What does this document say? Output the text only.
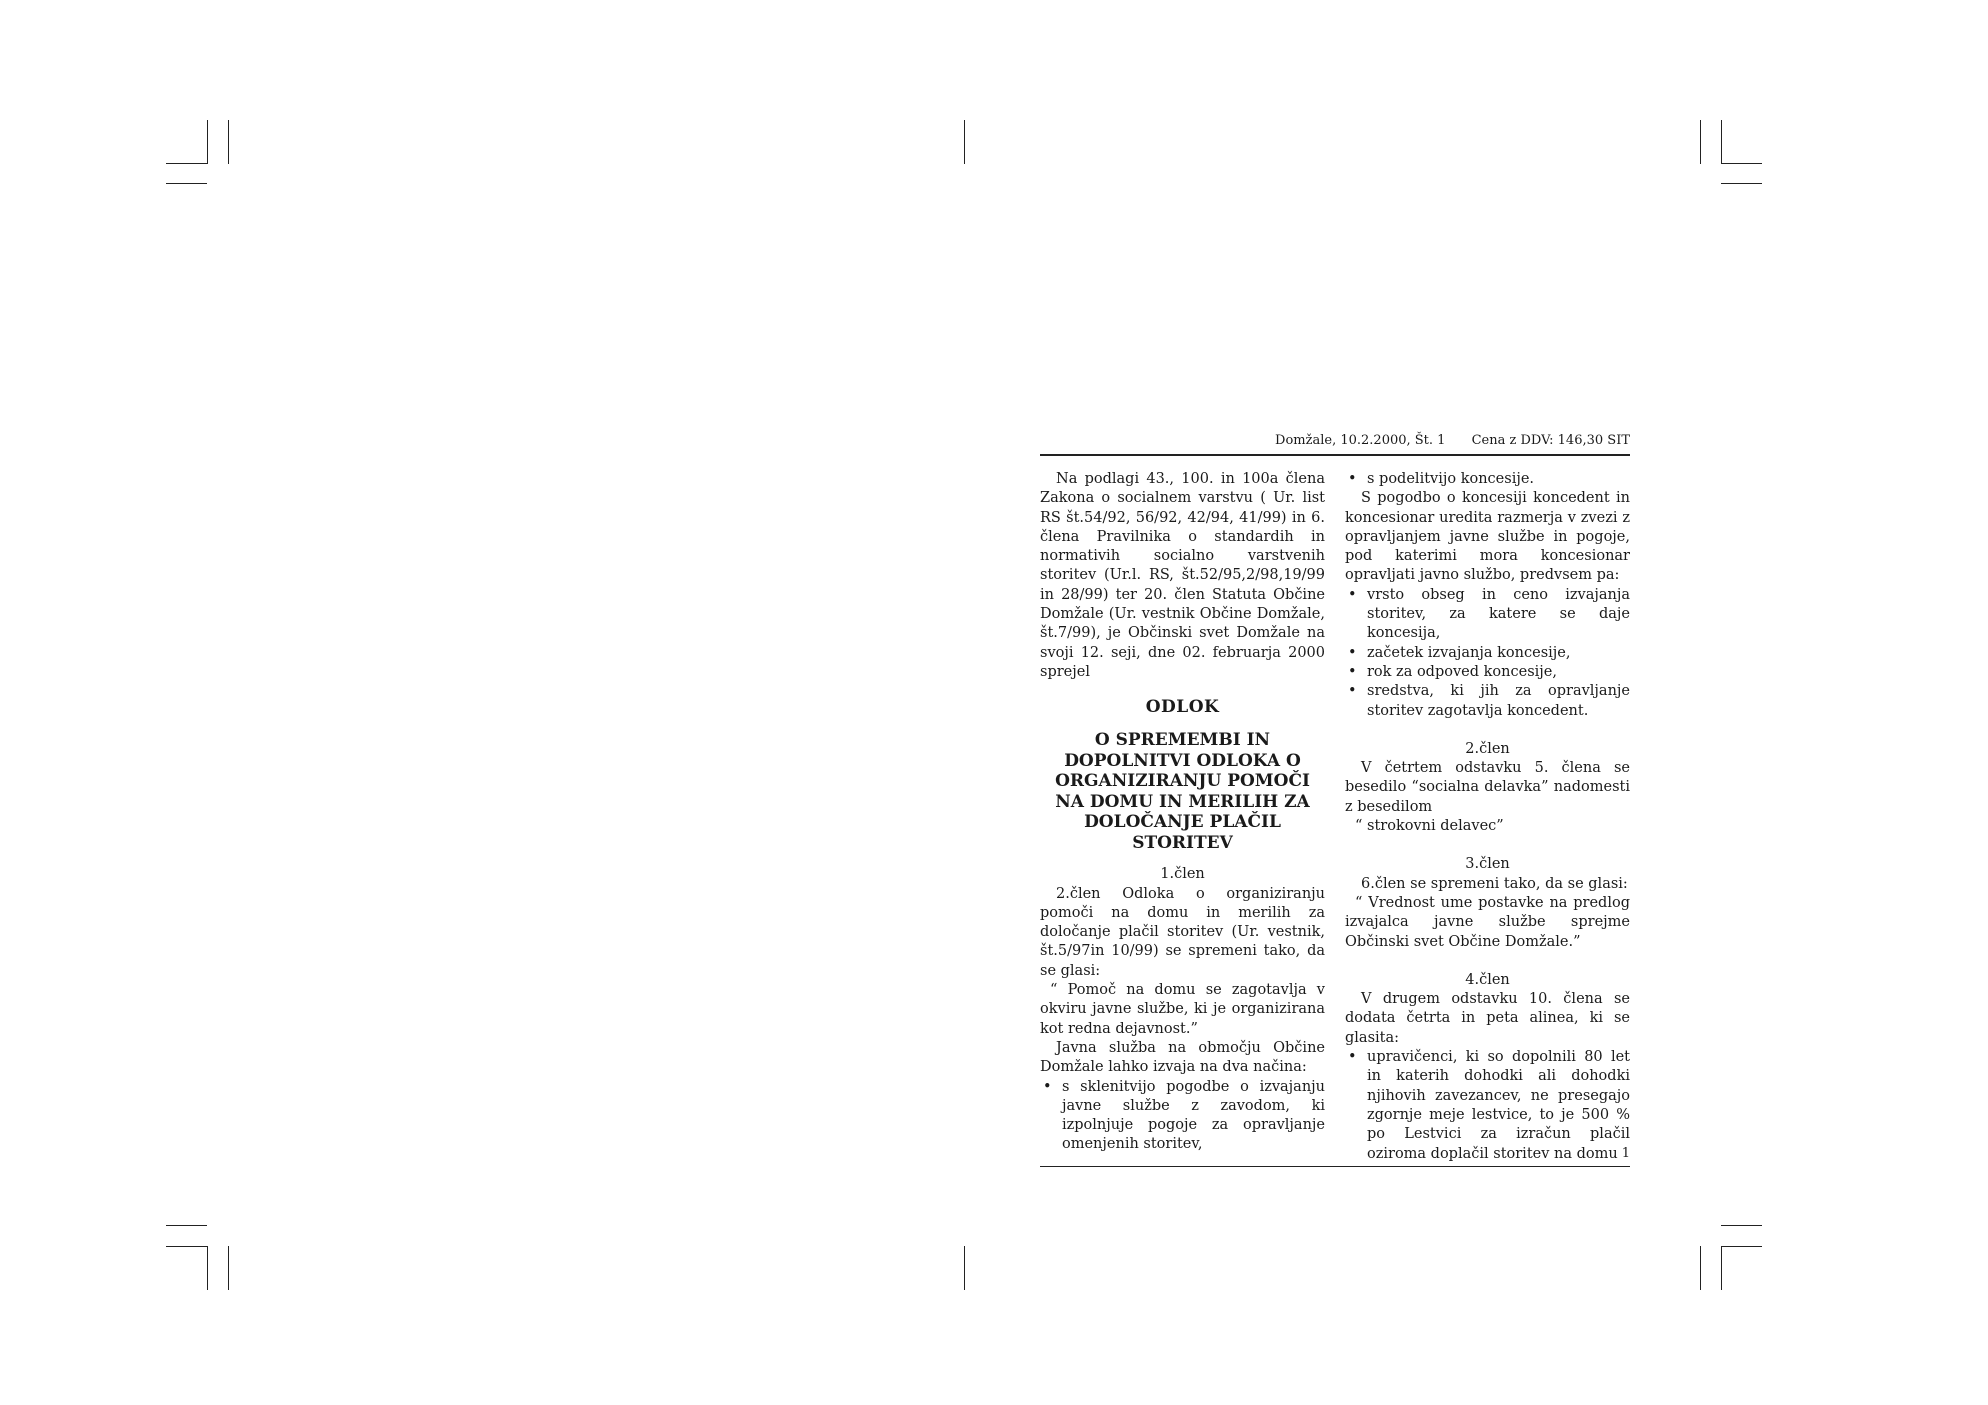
Domžale, 10.2.2000, Št. 1 Cena z DDV: 146,30 SIT

Na podlagi 43., 100. in 100a člena Zakona o socialnem varstvu ( Ur. list RS št.54/92, 56/92, 42/94, 41/99) in 6. člena Pravilnika o standardih in normativih socialno varstvenih storitev (Ur.l. RS, št.52/95,2/98,19/99 in 28/99) ter 20. člen Statuta Občine Domžale (Ur. vestnik Občine Domžale, št.7/99), je Občinski svet Domžale na svoji 12. seji, dne 02. februarja 2000 sprejel

ODLOK
O SPREMEMBI IN DOPOLNITVI ODLOKA O ORGANIZIRANJU POMOČI NA DOMU IN MERILIH ZA DOLOČANJE PLAČIL STORITEV

1.člen

2.člen Odloka o organiziranju pomoči na domu in merilih za določanje plačil storitev (Ur. vestnik, št.5/97in 10/99) se spremeni tako, da se glasi:

“ Pomoč na domu se zagotavlja v okviru javne službe, ki je organizirana kot redna dejavnost.”

Javna služba na območju Občine Domžale lahko izvaja na dva načina:

• s sklenitvijo pogodbe o izvajanju javne službe z zavodom, ki izpolnjuje pogoje za opravljanje omenjenih storitev,
• s podelitvijo koncesije.

S pogodbo o koncesiji koncedent in koncesionar uredita razmerja v zvezi z opravljanjem javne službe in pogoje, pod katerimi mora koncesionar opravljati javno službo, predvsem pa:

• vrsto obseg in ceno izvajanja storitev, za katere se daje koncesija,
• začetek izvajanja koncesije,
• rok za odpoved koncesije,
• sredstva, ki jih za opravljanje storitev zagotavlja koncedent.

2.člen

V četrtem odstavku 5. člena se besedilo “socialna delavka” nadomesti z besedilom

“ strokovni delavec”

3.člen

6.člen se spremeni tako, da se glasi:

“ Vrednost ume postavke na predlog izvajalca javne službe sprejme Občinski svet Občine Domžale.”

4.člen

V drugem odstavku 10. člena se dodata četrta in peta alinea, ki se glasita:

• upravičenci, ki so dopolnili 80 let in katerih dohodki ali dohodki njihovih zavezancev, ne presegajo zgornje meje lestvice, to je 500 % po Lestvici za izračun plačil oziroma doplačil storitev na domu 1
